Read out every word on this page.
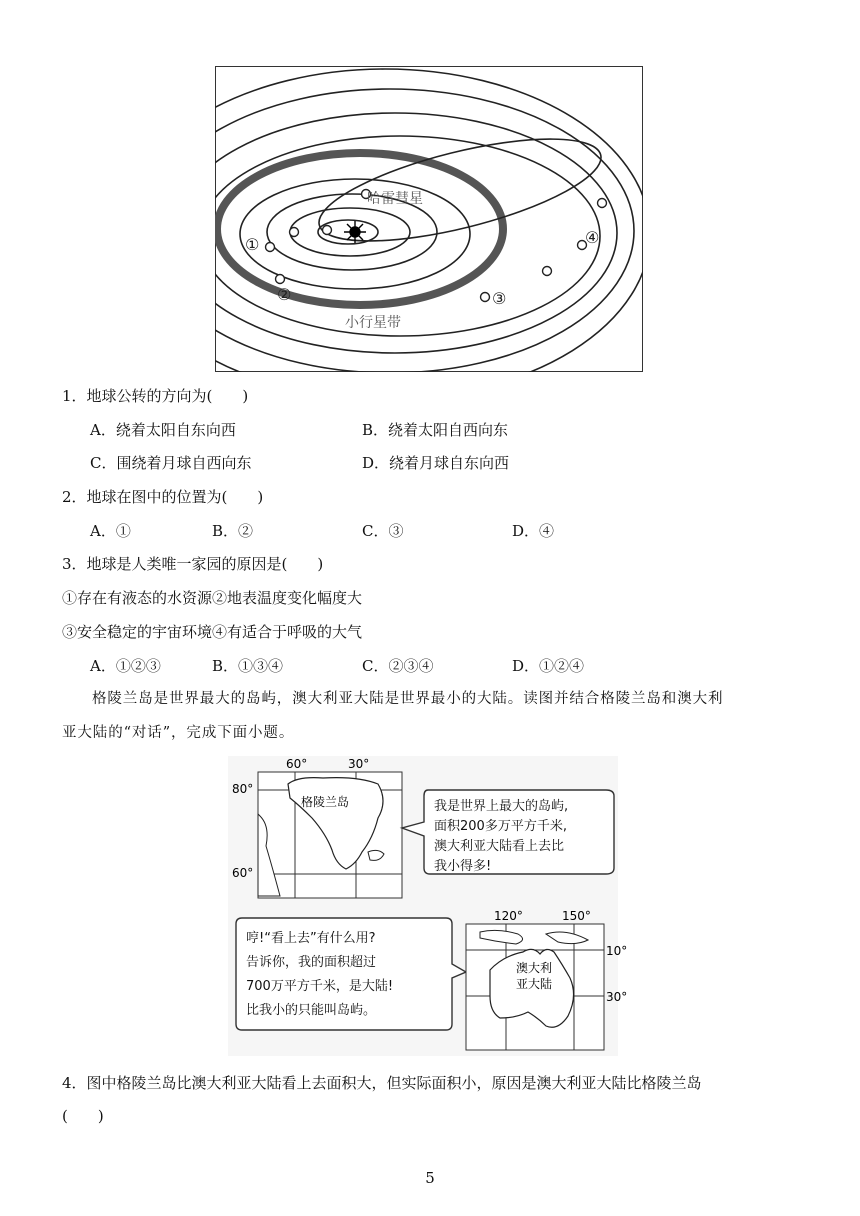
哈雷彗星
小行星带
①
②	③
④
1．地球公转的方向为(　　)
A．绕着太阳自东向西	B．绕着太阳自西向东
C．围绕着月球自西向东	D．绕着月球自东向西
2．地球在图中的位置为(　　)
A．①	B．②	C．③	D．④
3．地球是人类唯一家园的原因是(　　)
①存在有液态的水资源②地表温度变化幅度大
③安全稳定的宇宙环境④有适合于呼吸的大气
A．①②③	B．①③④	C．②③④	D．①②④
格陵兰岛是世界最大的岛屿，澳大利亚大陆是世界最小的大陆。读图并结合格陵兰岛和澳大利
亚大陆的“对话”，完成下面小题。
60°	30°
80°
60°
格陵兰岛	我是世界上最大的岛屿,
面积200多万平方千米,
澳大利亚大陆看上去比
我小得多!
哼!“看上去”有什么用?
告诉你，我的面积超过
700万平方千米，是大陆!
比我小的只能叫岛屿。
120°	150°
10°
30°
澳大利
亚大陆
4．图中格陵兰岛比澳大利亚大陆看上去面积大，但实际面积小，原因是澳大利亚大陆比格陵兰岛
(　　)
5
